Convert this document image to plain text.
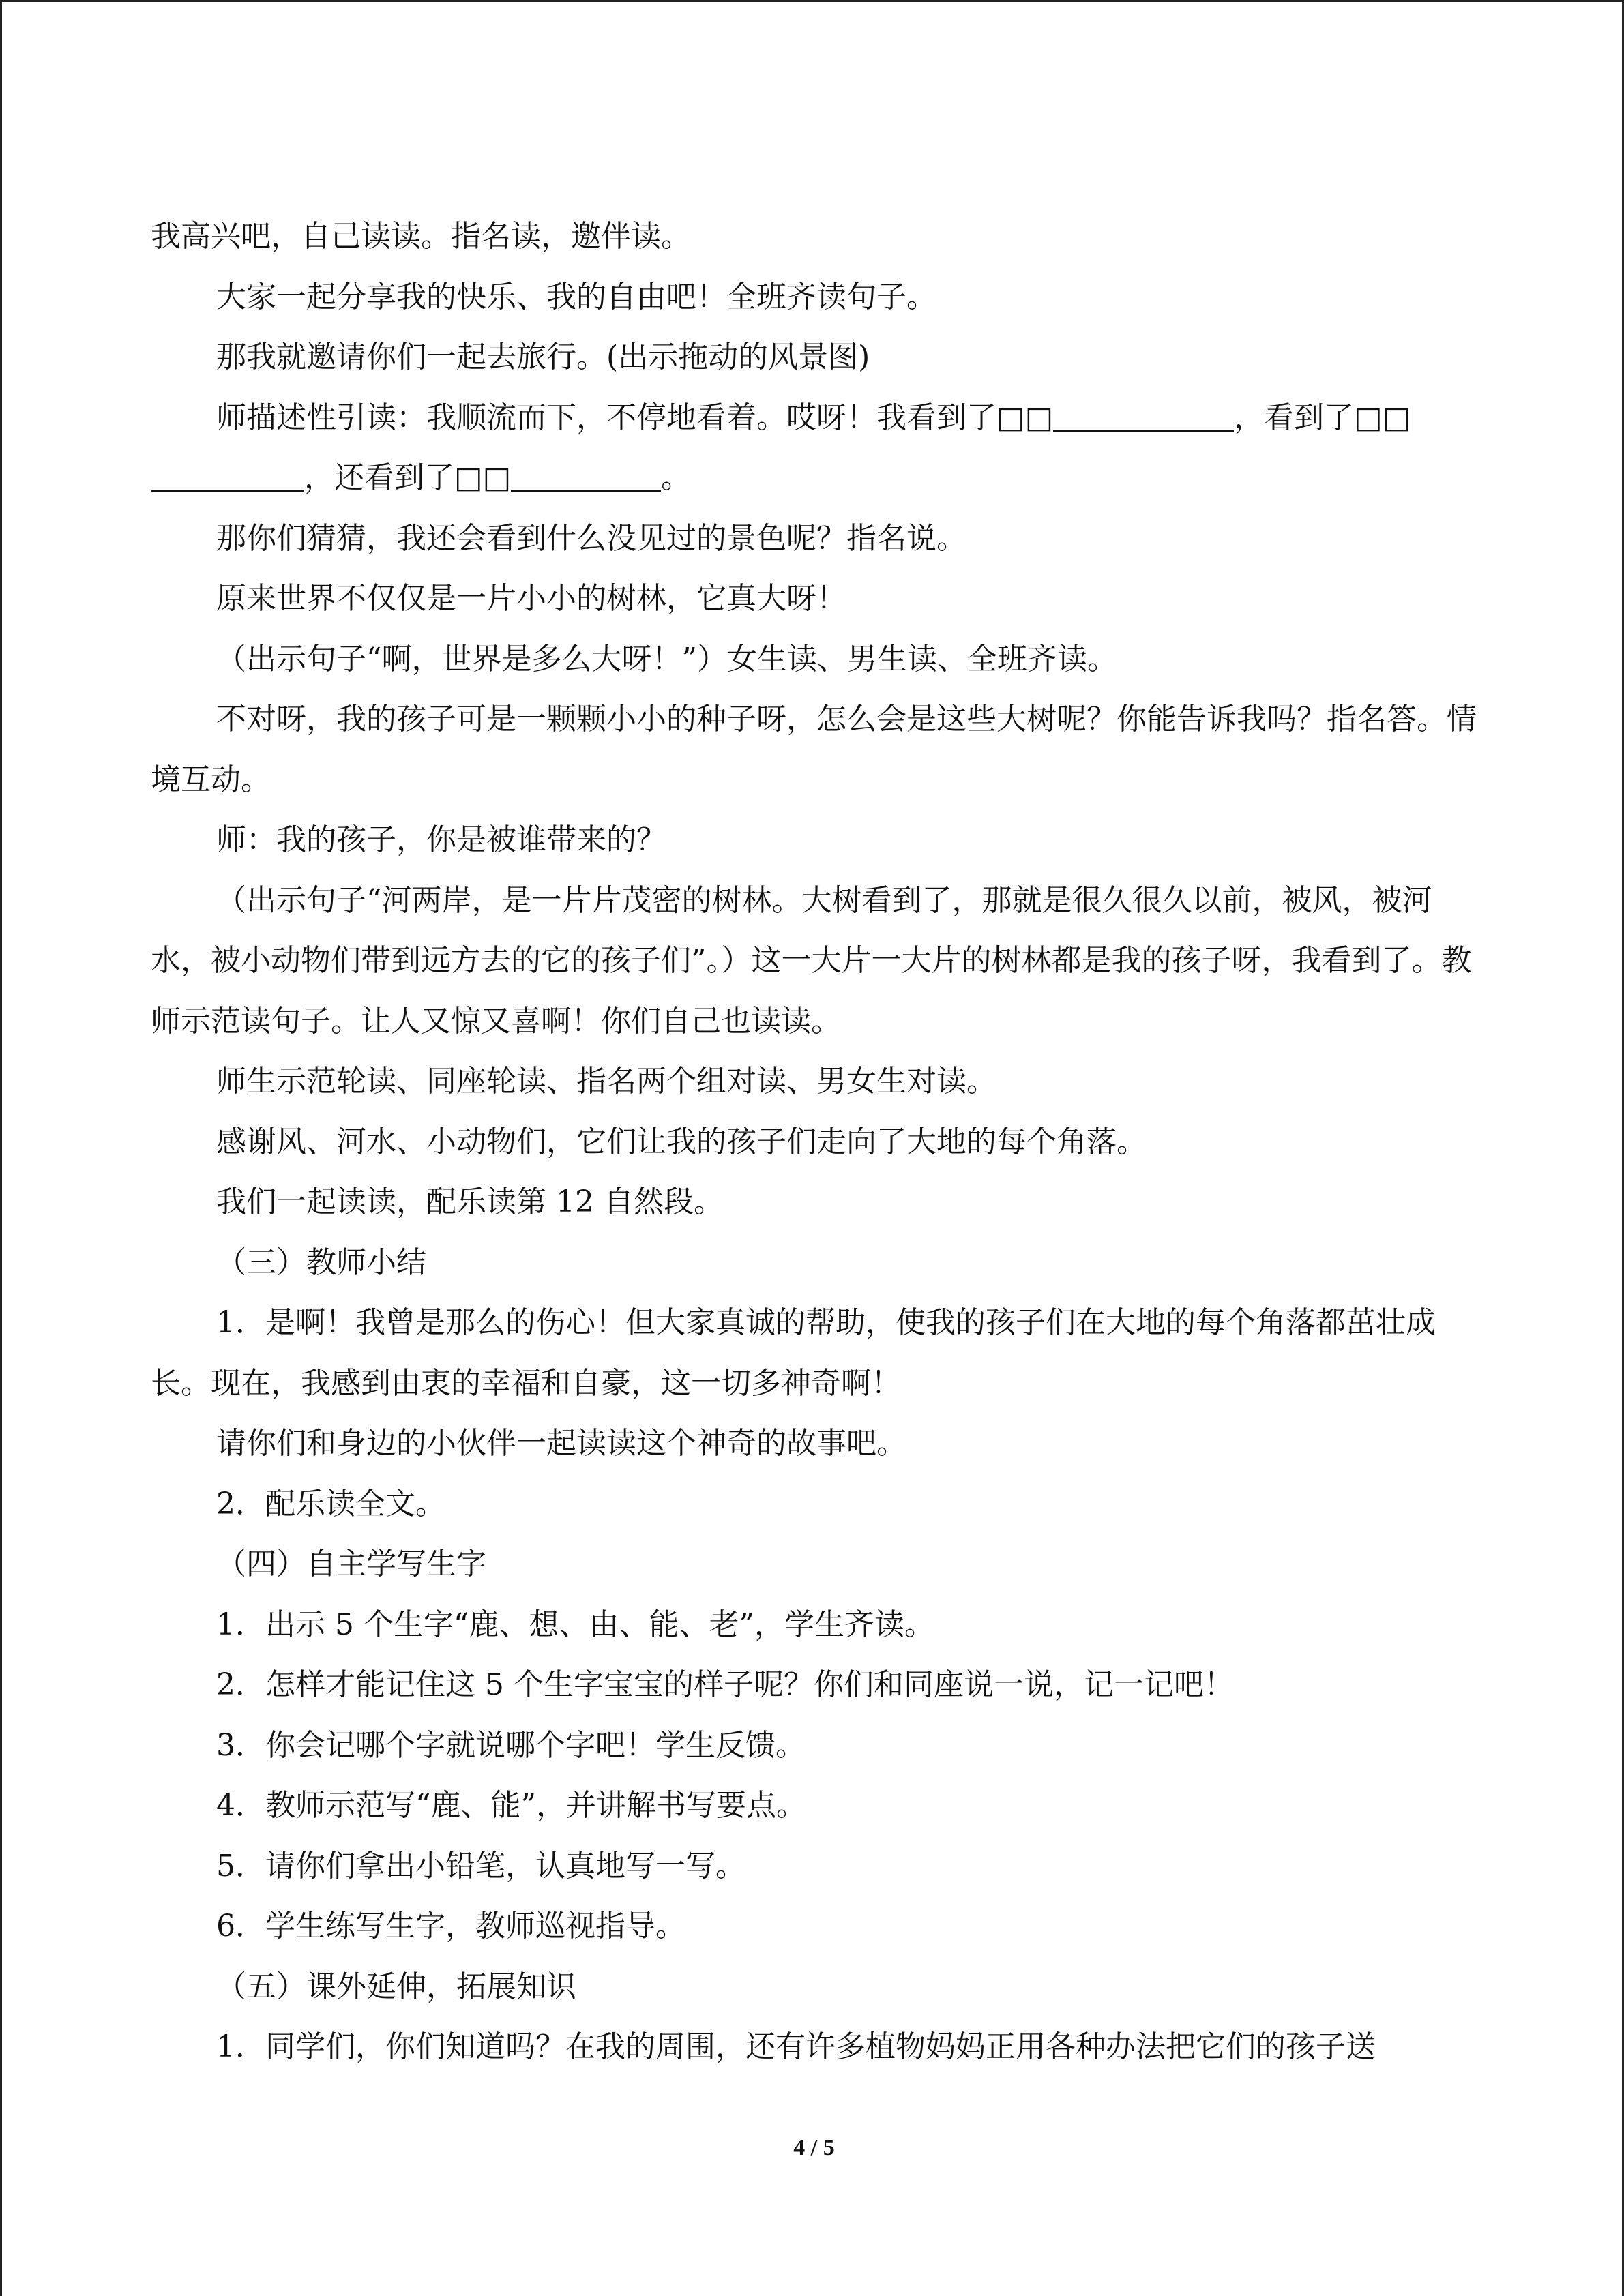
我高兴吧，自己读读。指名读，邀伴读。

大家一起分享我的快乐、我的自由吧！全班齐读句子。

那我就邀请你们一起去旅行。(出示拖动的风景图)

师描述性引读：我顺流而下，不停地看着。哎呀！我看到了□□	，看到了□□，还看到了□□	。

那你们猜猜，我还会看到什么没见过的景色呢？指名说。

原来世界不仅仅是一片小小的树林，它真大呀！

（出示句子“啊，世界是多么大呀！”）女生读、男生读、全班齐读。

不对呀，我的孩子可是一颗颗小小的种子呀，怎么会是这些大树呢？你能告诉我吗？指名答。情境互动。

师：我的孩子，你是被谁带来的？

（出示句子“河两岸，是一片片茂密的树林。大树看到了，那就是很久很久以前，被风，被河水，被小动物们带到远方去的它的孩子们”。）这一大片一大片的树林都是我的孩子呀，我看到了。教师示范读句子。让人又惊又喜啊！你们自己也读读。

师生示范轮读、同座轮读、指名两个组对读、男女生对读。

感谢风、河水、小动物们，它们让我的孩子们走向了大地的每个角落。

我们一起读读，配乐读第 12 自然段。

（三）教师小结

1．是啊！我曾是那么的伤心！但大家真诚的帮助，使我的孩子们在大地的每个角落都茁壮成长。现在，我感到由衷的幸福和自豪，这一切多神奇啊！

请你们和身边的小伙伴一起读读这个神奇的故事吧。

2．配乐读全文。

（四）自主学写生字

1．出示 5 个生字“鹿、想、由、能、老”，学生齐读。

2．怎样才能记住这 5 个生字宝宝的样子呢？你们和同座说一说，记一记吧！

3．你会记哪个字就说哪个字吧！学生反馈。

4．教师示范写“鹿、能”，并讲解书写要点。

5．请你们拿出小铅笔，认真地写一写。

6．学生练写生字，教师巡视指导。

（五）课外延伸，拓展知识

1．同学们，你们知道吗？在我的周围，还有许多植物妈妈正用各种办法把它们的孩子送

4 / 5
